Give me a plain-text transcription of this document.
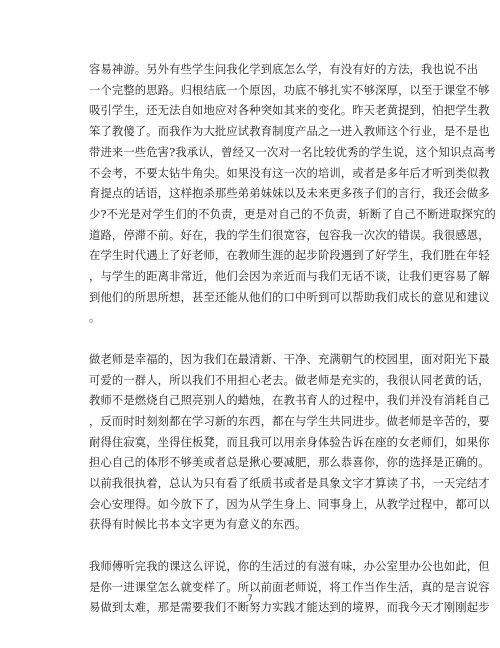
容易神游。另外有些学生问我化学到底怎么学，有没有好的方法，我也说不出
一个完整的思路。归根结底一个原因，功底不够扎实不够深厚，以至于课堂不够
吸引学生，还无法自如地应对各种突如其来的变化。昨天老黄提到，怕把学生教
笨了教傻了。而我作为大批应试教育制度产品之一进入教师这个行业，是不是也
带进来一些危害?我承认，曾经又一次对一名比较优秀的学生说，这个知识点高考
不会考，不要太钻牛角尖。如果没有这一次的培训，或者是多年后才听到类似教
育提点的话语，这样抱杀那些弟弟妹妹以及未来更多孩子们的言行，我还会做多
少?不光是对学生们的不负责，更是对自己的不负责，斩断了自己不断进取探究的
道路，停滞不前。好在，我的学生们很宽容，包容我一次次的错误。我很感恩，
在学生时代遇上了好老师，在教师生涯的起步阶段遇到了好学生，我们胜在年轻
，与学生的距离非常近，他们会因为亲近而与我们无话不谈，让我们更容易了解
到他们的所思所想，甚至还能从他们的口中听到可以帮助我们成长的意见和建议
。

做老师是幸福的，因为我们在最清新、干净、充满朝气的校园里，面对阳光下最
可爱的一群人，所以我们不用担心老去。做老师是充实的，我很认同老黄的话，
教师不是燃烧自己照亮别人的蜡烛，在教书育人的过程中，我们并没有消耗自己
，反而时时刻刻都在学习新的东西，都在与学生共同进步。做老师是辛苦的，要
耐得住寂寞，坐得住板凳，而且我可以用亲身体验告诉在座的女老师们，如果你
担心自己的体形不够美或者总是揪心要减肥，那么恭喜你，你的选择是正确的。
以前我很执着，总认为只有看了纸质书或者是具象文字才算读了书，一天完结才
会心安理得。如今放下了，因为从学生身上、同事身上，从教学过程中，都可以
获得有时候比书本文字更为有意义的东西。

我师傅听完我的课这么评说，你的生活过的有滋有味，办公室里办公也如此，但
是你一进课堂怎么就变样了。所以前面老师说，将工作当作生活，真的是言说容
易做到太难，那是需要我们不断努力实践才能达到的境界，而我今天才刚刚起步

7
